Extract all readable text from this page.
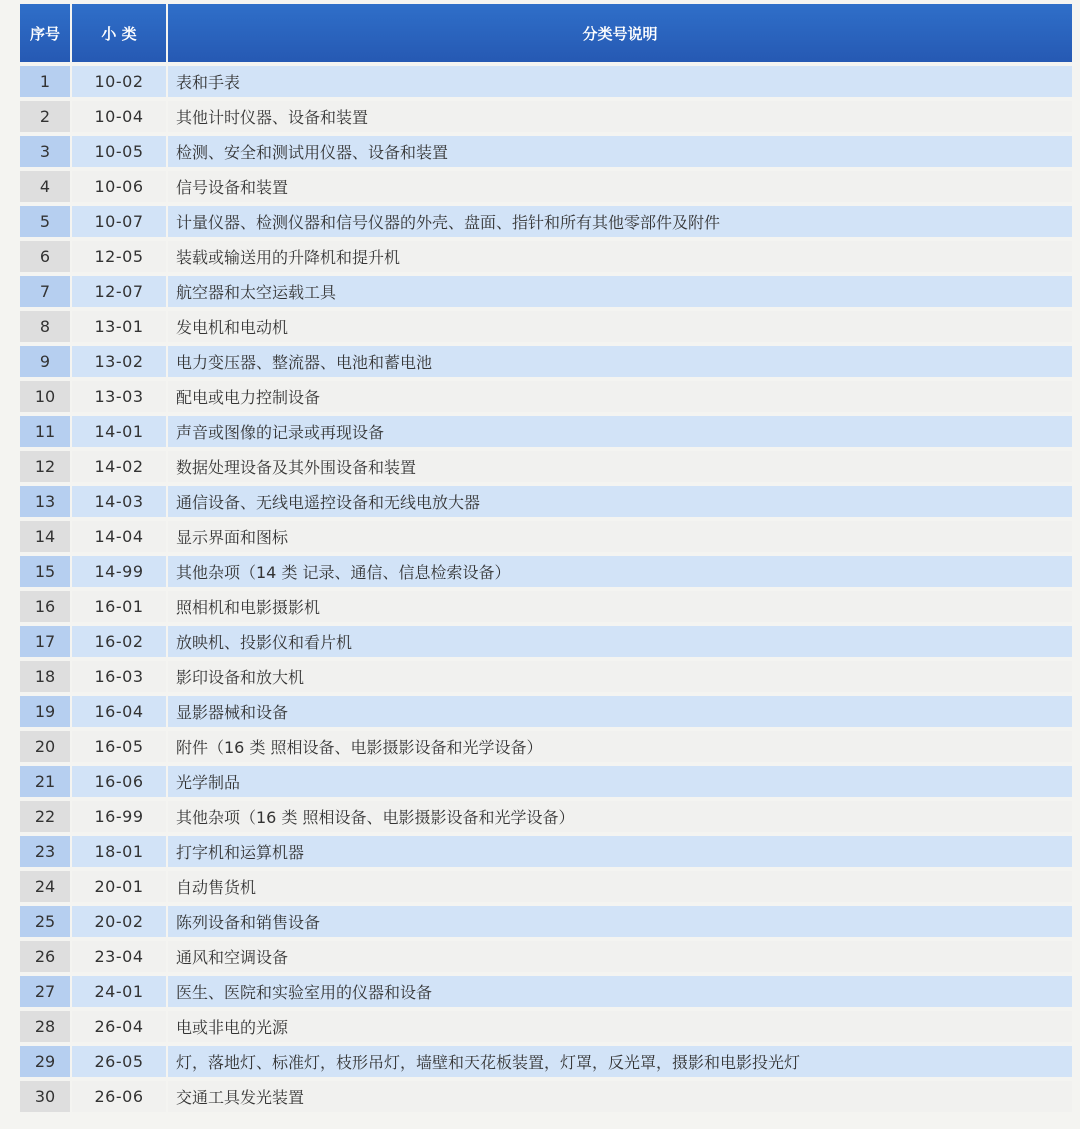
序号	小 类	分类号说明
1	10-02	表和手表
2	10-04	其他计时仪器、设备和装置
3	10-05	检测、安全和测试用仪器、设备和装置
4	10-06	信号设备和装置
5	10-07	计量仪器、检测仪器和信号仪器的外壳、盘面、指针和所有其他零部件及附件
6	12-05	装载或输送用的升降机和提升机
7	12-07	航空器和太空运载工具
8	13-01	发电机和电动机
9	13-02	电力变压器、整流器、电池和蓄电池
10	13-03	配电或电力控制设备
11	14-01	声音或图像的记录或再现设备
12	14-02	数据处理设备及其外围设备和装置
13	14-03	通信设备、无线电遥控设备和无线电放大器
14	14-04	显示界面和图标
15	14-99	其他杂项（14 类 记录、通信、信息检索设备）
16	16-01	照相机和电影摄影机
17	16-02	放映机、投影仪和看片机
18	16-03	影印设备和放大机
19	16-04	显影器械和设备
20	16-05	附件（16 类 照相设备、电影摄影设备和光学设备）
21	16-06	光学制品
22	16-99	其他杂项（16 类 照相设备、电影摄影设备和光学设备）
23	18-01	打字机和运算机器
24	20-01	自动售货机
25	20-02	陈列设备和销售设备
26	23-04	通风和空调设备
27	24-01	医生、医院和实验室用的仪器和设备
28	26-04	电或非电的光源
29	26-05	灯，落地灯、标准灯，枝形吊灯，墙壁和天花板装置，灯罩，反光罩，摄影和电影投光灯
30	26-06	交通工具发光装置
